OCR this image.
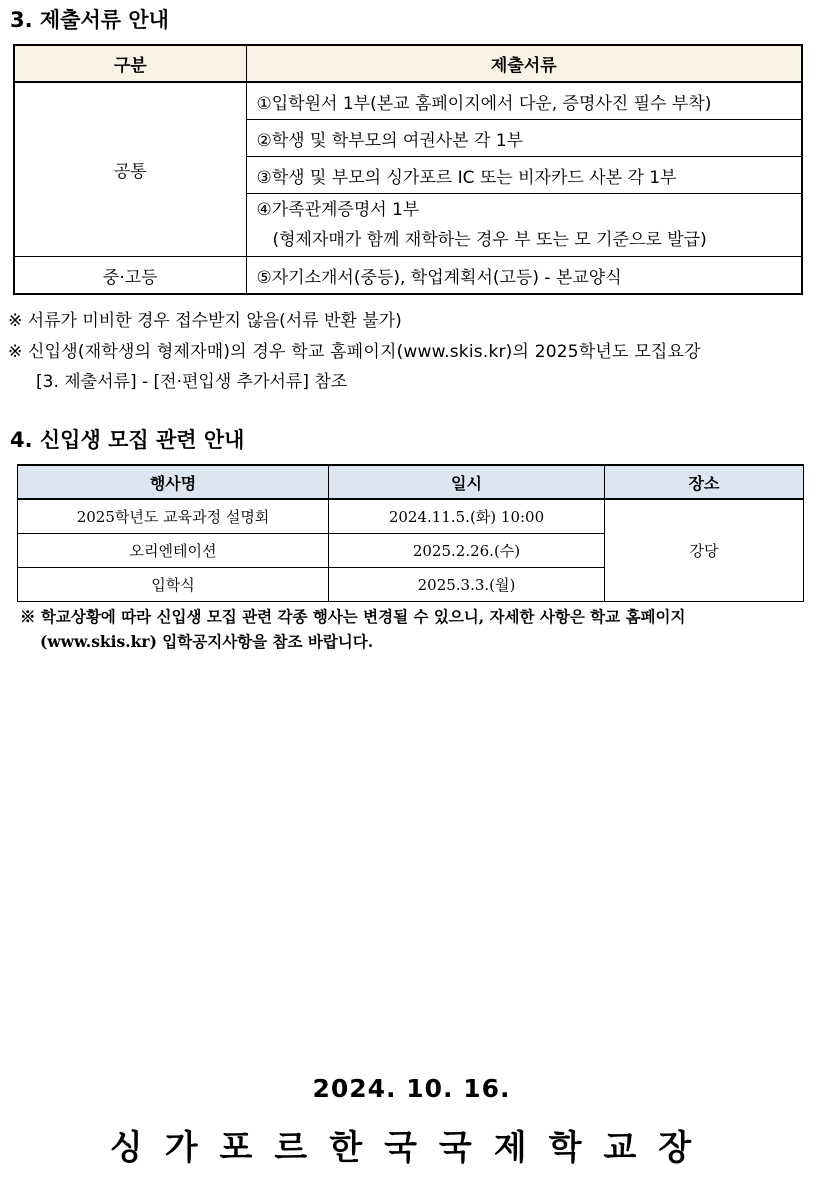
3. 제출서류 안내
구분	제출서류
공통	①입학원서 1부(본교 홈페이지에서 다운, 증명사진 필수 부착)
	②학생 및 학부모의 여권사본 각 1부
	③학생 및 부모의 싱가포르 IC 또는 비자카드 사본 각 1부
	④가족관계증명서 1부
(형제자매가 함께 재학하는 경우 부 또는 모 기준으로 발급)

중·고등	⑤자기소개서(중등), 학업계획서(고등) - 본교양식
※ 서류가 미비한 경우 접수받지 않음(서류 반환 불가)
※ 신입생(재학생의 형제자매)의 경우 학교 홈페이지(www.skis.kr)의 2025학년도 모집요강
[3. 제출서류] - [전·편입생 추가서류] 참조
4. 신입생 모집 관련 안내
행사명	일시	장소
2025학년도 교육과정 설명회	2024.11.5.(화) 10:00	강당
오리엔테이션	2025.2.26.(수)	
입학식	2025.3.3.(월)	
※ 학교상황에 따라 신입생 모집 관련 각종 행사는 변경될 수 있으니, 자세한 사항은 학교 홈페이지
(www.skis.kr) 입학공지사항을 참조 바랍니다.
2024. 10. 16.
싱가포르한국국제학교장
